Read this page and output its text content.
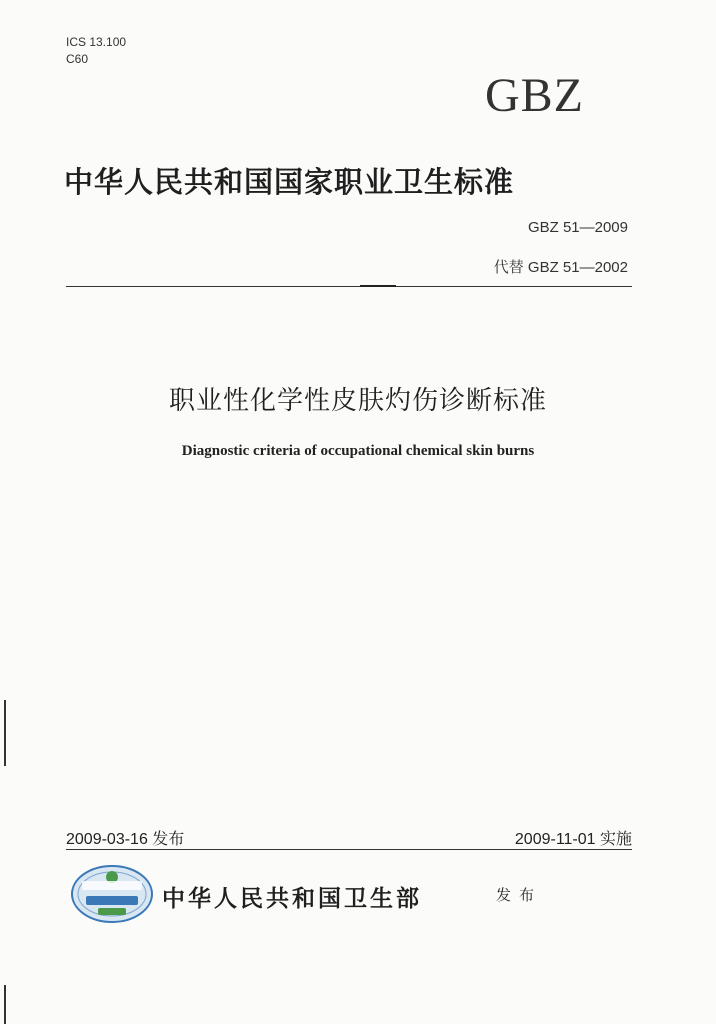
ICS 13.100
C60
GBZ
中华人民共和国国家职业卫生标准
GBZ 51—2009
代替 GBZ 51—2002
职业性化学性皮肤灼伤诊断标准
Diagnostic criteria of occupational chemical skin burns
2009-03-16 发布	2009-11-01 实施
中华人民共和国卫生部	发布
